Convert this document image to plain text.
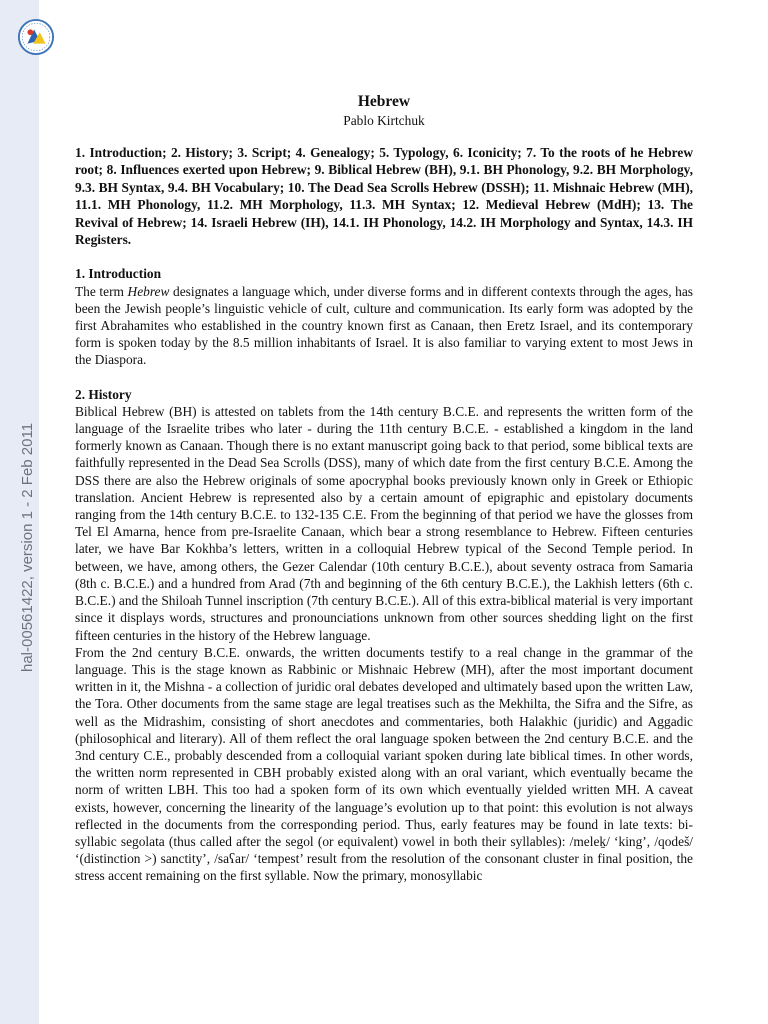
hal-00561422, version 1 - 2 Feb 2011
Hebrew
Pablo Kirtchuk
1. Introduction; 2. History; 3. Script; 4. Genealogy; 5. Typology, 6. Iconicity; 7. To the roots of he Hebrew root; 8. Influences exerted upon Hebrew; 9. Biblical Hebrew (BH), 9.1. BH Phonology, 9.2. BH Morphology, 9.3. BH Syntax, 9.4. BH Vocabulary; 10. The Dead Sea Scrolls Hebrew (DSSH); 11. Mishnaic Hebrew (MH), 11.1. MH Phonology, 11.2. MH Morphology, 11.3. MH Syntax; 12. Medieval Hebrew (MdH); 13. The Revival of Hebrew; 14. Israeli Hebrew (IH), 14.1. IH Phonology, 14.2. IH Morphology and Syntax, 14.3. IH Registers.
1. Introduction
The term Hebrew designates a language which, under diverse forms and in different contexts through the ages, has been the Jewish people’s linguistic vehicle of cult, culture and communication. Its early form was adopted by the first Abrahamites who established in the country known first as Canaan, then Eretz Israel, and its contemporary form is spoken today by the 8.5 million inhabitants of Israel. It is also familiar to varying extent to most Jews in the Diaspora.
2. History
Biblical Hebrew (BH) is attested on tablets from the 14th century B.C.E. and represents the written form of the language of the Israelite tribes who later - during the 11th century B.C.E. - established a kingdom in the land formerly known as Canaan. Though there is no extant manuscript going back to that period, some biblical texts are faithfully represented in the Dead Sea Scrolls (DSS), many of which date from the first century B.C.E. Among the DSS there are also the Hebrew originals of some apocryphal books previously known only in Greek or Ethiopic translation. Ancient Hebrew is represented also by a certain amount of epigraphic and epistolary documents ranging from the 14th century B.C.E. to 132-135 C.E. From the beginning of that period we have the glosses from Tel El Amarna, hence from pre-Israelite Canaan, which bear a strong resemblance to Hebrew. Fifteen centuries later, we have Bar Kokhba’s letters, written in a colloquial Hebrew typical of the Second Temple period. In between, we have, among others, the Gezer Calendar (10th century B.C.E.), about seventy ostraca from Samaria (8th c. B.C.E.) and a hundred from Arad (7th and beginning of the 6th century B.C.E.), the Lakhish letters (6th c. B.C.E.) and the Shiloah Tunnel inscription (7th century B.C.E.). All of this extra-biblical material is very important since it displays words, structures and pronounciations unknown from other sources shedding light on the first fifteen centuries in the history of the Hebrew language.
From the 2nd century B.C.E. onwards, the written documents testify to a real change in the grammar of the language. This is the stage known as Rabbinic or Mishnaic Hebrew (MH), after the most important document written in it, the Mishna - a collection of juridic oral debates developed and ultimately based upon the written Law, the Tora. Other documents from the same stage are legal treatises such as the Mekhilta, the Sifra and the Sifre, as well as the Midrashim, consisting of short anecdotes and commentaries, both Halakhic (juridic) and Aggadic (philosophical and literary). All of them reflect the oral language spoken between the 2nd century B.C.E. and the 3nd century C.E., probably descended from a colloquial variant spoken during late biblical times. In other words, the written norm represented in CBH probably existed along with an oral variant, which eventually became the norm of written LBH. This too had a spoken form of its own which eventually yielded written MH. A caveat exists, however, concerning the linearity of the language’s evolution up to that point: this evolution is not always reflected in the documents from the corresponding period. Thus, early features may be found in late texts: bi-syllabic segolata (thus called after the segol (or equivalent) vowel in both their syllables): /meleḵ/ ‘king’, /qodeš/ ‘(distinction >) sanctity’, /saʕar/ ‘tempest’ result from the resolution of the consonant cluster in final position, the stress accent remaining on the first syllable. Now the primary, monosyllabic
